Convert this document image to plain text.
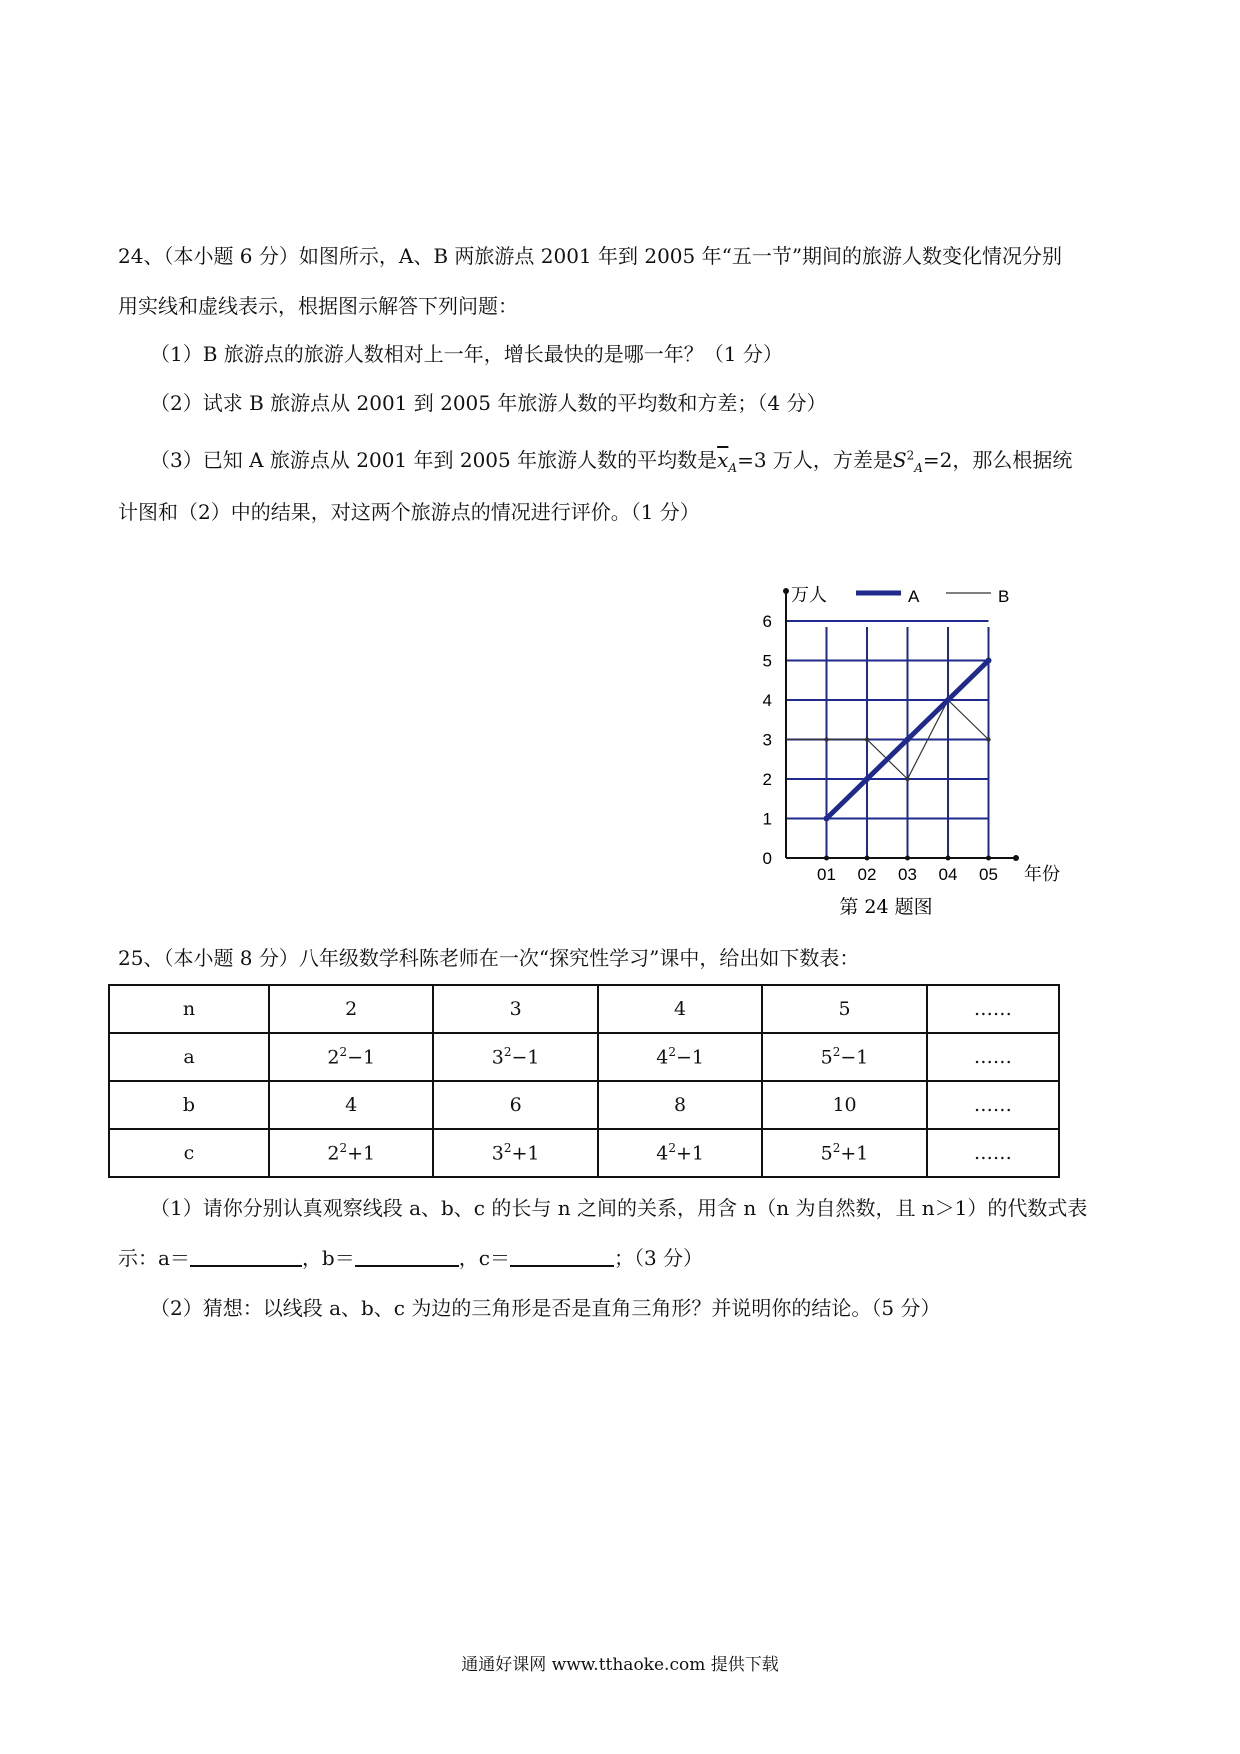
24、（本小题 6 分）如图所示，A、B 两旅游点 2001 年到 2005 年“五一节”期间的旅游人数变化情况分别
用实线和虚线表示，根据图示解答下列问题：
（1）B 旅游点的旅游人数相对上一年，增长最快的是哪一年？（1 分）
（2）试求 B 旅游点从 2001 到 2005 年旅游人数的平均数和方差；（4 分）
（3）已知 A 旅游点从 2001 年到 2005 年旅游人数的平均数是$\overline{x}_A=3$ 万人，方差是$S^2_A=2$，那么根据统
计图和（2）中的结果，对这两个旅游点的情况进行评价。（1 分）
0
1
2
3
4
5
6
01 02 03 04 05
万人
年份
A	B
第 24 题图
25、（本小题 8 分）八年级数学科陈老师在一次“探究性学习”课中，给出如下数表：
n	2	3	4	5	……
a	$2^2-1$	$3^2-1$	$4^2-1$	$5^2-1$	……
b	4	6	8	10	……
c	$2^2+1$	$3^2+1$	$4^2+1$	$5^2+1$	……
（1）请你分别认真观察线段 a、b、c 的长与 n 之间的关系，用含 n（n 为自然数，且 n＞1）的代数式表
示：a＝	，b＝	，c＝	；（3 分）
（2）猜想：以线段 a、b、c 为边的三角形是否是直角三角形？并说明你的结论。（5 分）
通通好课网 www.tthaoke.com 提供下载
